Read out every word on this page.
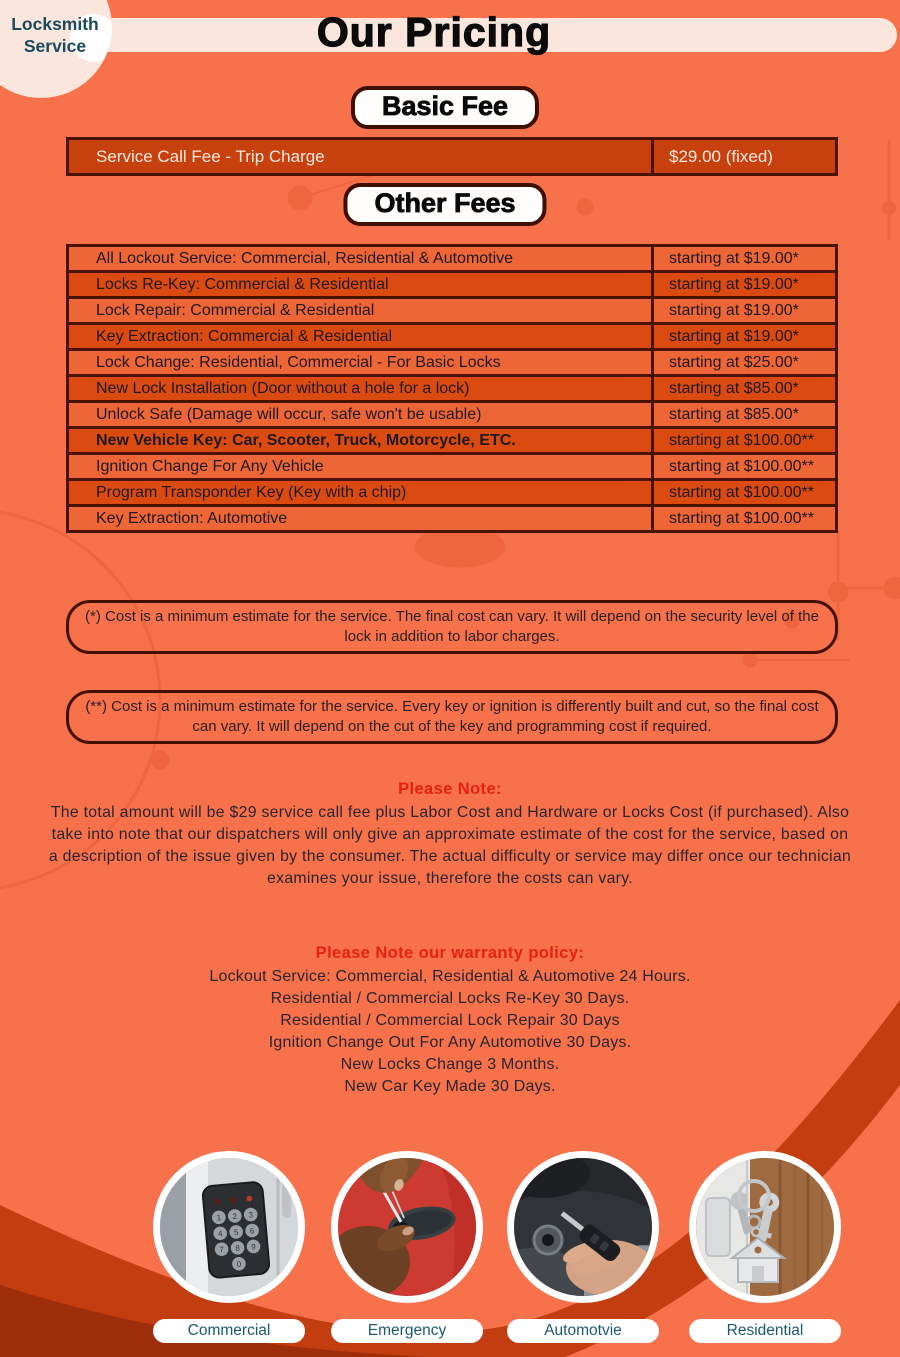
Our Pricing
Locksmith
Service
Basic Fee
Service Call Fee - Trip Charge	$29.00 (fixed)
Other Fees
All Lockout Service: Commercial, Residential & Automotive	starting at $19.00*
Locks Re-Key: Commercial & Residential	starting at $19.00*
Lock Repair: Commercial & Residential	starting at $19.00*
Key Extraction: Commercial & Residential	starting at $19.00*
Lock Change: Residential, Commercial - For Basic Locks	starting at $25.00*
New Lock Installation (Door without a hole for a lock)	starting at $85.00*
Unlock Safe (Damage will occur, safe won't be usable)	starting at $85.00*
New Vehicle Key: Car, Scooter, Truck, Motorcycle, ETC.	starting at $100.00**
Ignition Change For Any Vehicle	starting at $100.00**
Program Transponder Key (Key with a chip)	starting at $100.00**
Key Extraction: Automotive	starting at $100.00**
(*) Cost is a minimum estimate for the service. The final cost can vary. It will depend on the security level of the lock in addition to labor charges.
(**) Cost is a minimum estimate for the service. Every key or ignition is differently built and cut, so the final cost can vary. It will depend on the cut of the key and programming cost if required.
Please Note:
The total amount will be $29 service call fee plus Labor Cost and Hardware or Locks Cost (if purchased). Also take into note that our dispatchers will only give an approximate estimate of the cost for the service, based on a description of the issue given by the consumer. The actual difficulty or service may differ once our technician examines your issue, therefore the costs can vary.
Please Note our warranty policy:
Lockout Service: Commercial, Residential & Automotive 24 Hours.
Residential / Commercial Locks Re-Key 30 Days.
Residential / Commercial Lock Repair 30 Days
Ignition Change Out For Any Automotive 30 Days.
New Locks Change 3 Months.
New Car Key Made 30 Days.
1 2 3
4 5 6
7 8 9
0
Commercial	Emergency	Automotvie	Residential
